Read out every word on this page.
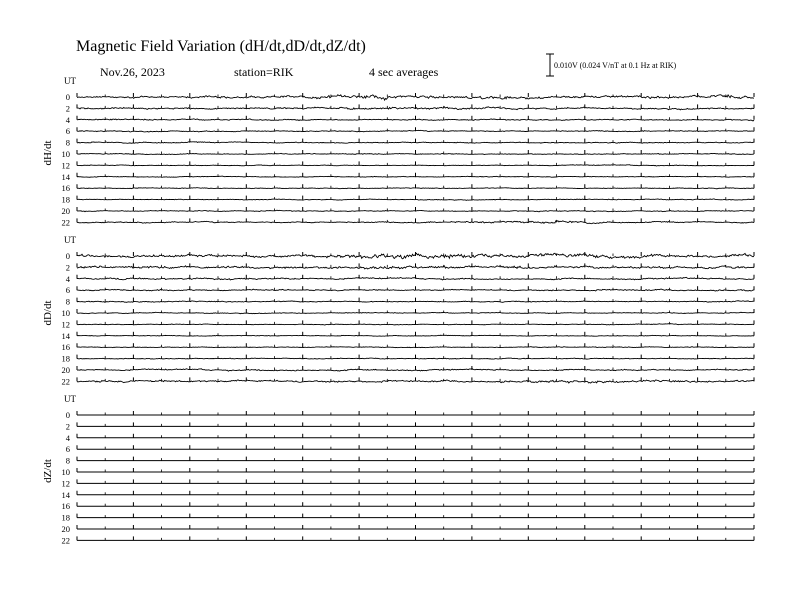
Magnetic Field Variation (dH/dt,dD/dt,dZ/dt)
Nov.26, 2023	station=RIK	4 sec averages	0.010V (0.024 V/nT at 0.1 Hz at RIK)
UT
dH/dt
0
2
4
6
8
10
12
14
16
18
20
22
UT
dD/dt
0
2
4
6
8
10
12
14
16
18
20
22
UT
dZ/dt
0
2
4
6
8
10
12
14
16
18
20
22
